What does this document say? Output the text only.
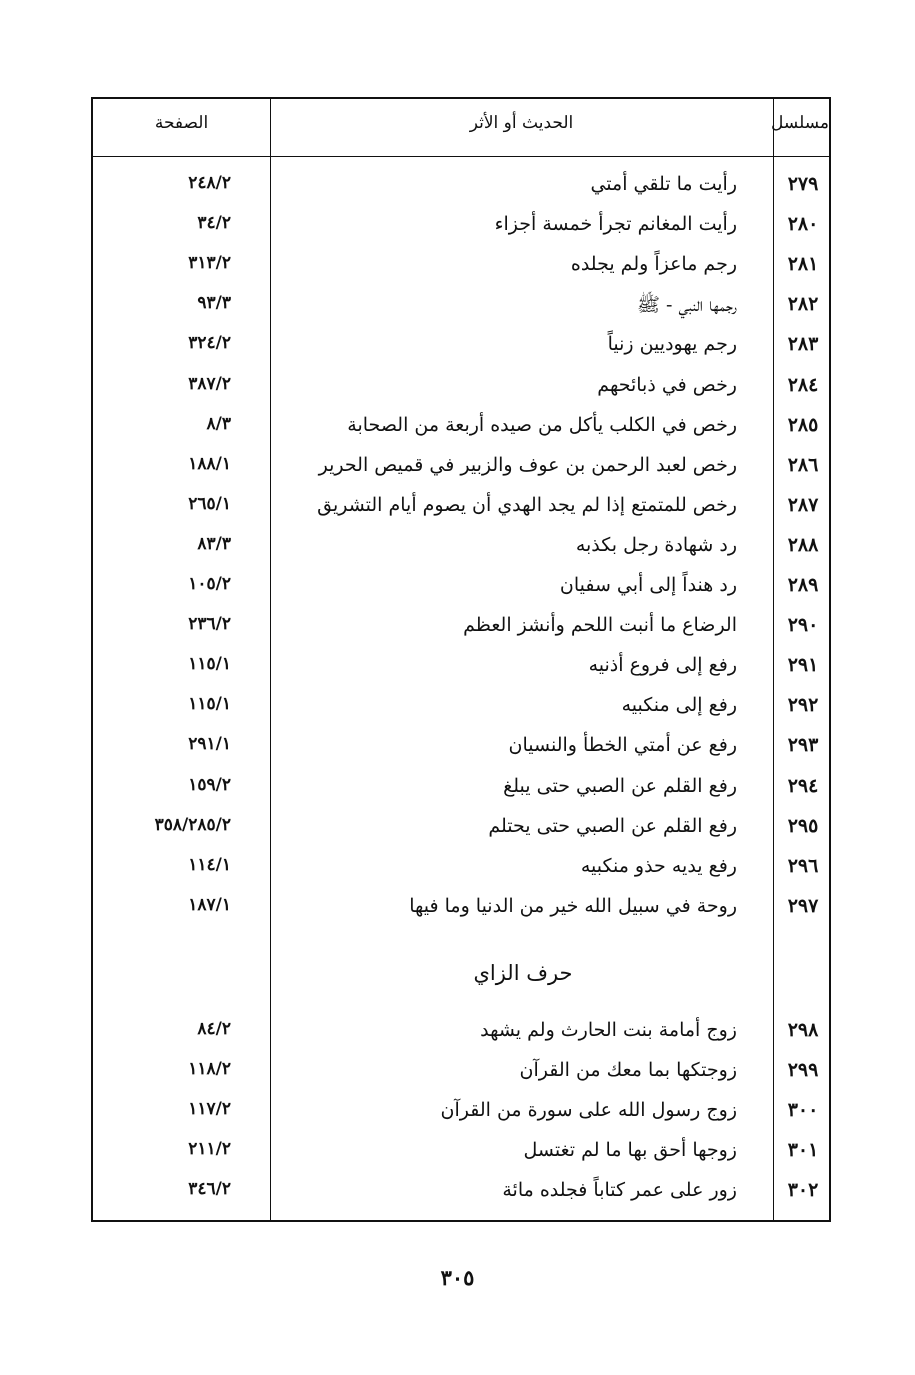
الصفحة	الحديث أو الأثر	مسلسل
٢٧٩
رأيت ما تلقي أمتي
٢٤٨/٢
٢٨٠
رأيت المغانم تجرأ خمسة أجزاء
٣٤/٢
٢٨١
رجم ماعزاً ولم يجلده
٣١٣/٢
٢٨٢
رجمها النبي - ﷺ
٩٣/٣
٢٨٣
رجم يهوديين زنياً
٣٢٤/٢
٢٨٤
رخص في ذبائحهم
٣٨٧/٢
٢٨٥
رخص في الكلب يأكل من صيده أربعة من الصحابة
٨/٣
٢٨٦
رخص لعبد الرحمن بن عوف والزبير في قميص الحرير
١٨٨/١
٢٨٧
رخص للمتمتع إذا لم يجد الهدي أن يصوم أيام التشريق
٢٦٥/١
٢٨٨
رد شهادة رجل بكذبه
٨٣/٣
٢٨٩
رد هنداً إلى أبي سفيان
١٠٥/٢
٢٩٠
الرضاع ما أنبت اللحم وأنشز العظم
٢٣٦/٢
٢٩١
رفع إلى فروع أذنيه
١١٥/١
٢٩٢
رفع إلى منكبيه
١١٥/١
٢٩٣
رفع عن أمتي الخطأ والنسيان
٢٩١/١
٢٩٤
رفع القلم عن الصبي حتى يبلغ
١٥٩/٢
٢٩٥
رفع القلم عن الصبي حتى يحتلم
٣٥٨/٢٨٥/٢
٢٩٦
رفع يديه حذو منكبيه
١١٤/١
٢٩٧
روحة في سبيل الله خير من الدنيا وما فيها
١٨٧/١
حرف الزاي
٢٩٨
زوج أمامة بنت الحارث ولم يشهد
٨٤/٢
٢٩٩
زوجتكها بما معك من القرآن
١١٨/٢
٣٠٠
زوج رسول الله على سورة من القرآن
١١٧/٢
٣٠١
زوجها أحق بها ما لم تغتسل
٢١١/٢
٣٠٢
زور على عمر كتاباً فجلده مائة
٣٤٦/٢
٣٠٥
